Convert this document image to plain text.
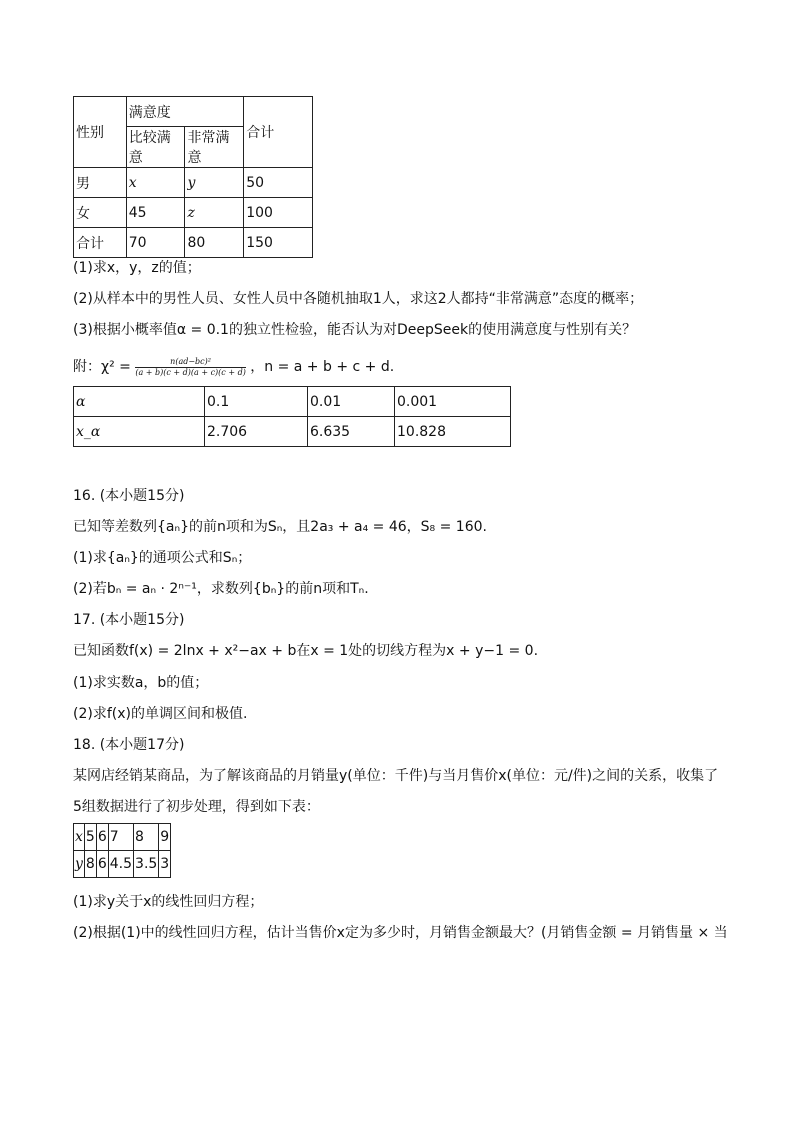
性别	满意度		合计
	比较满意	非常满意	
男	x	y	50
女	45	z	100
合计	70	80	150
(1)求x，y，z的值；
(2)从样本中的男性人员、女性人员中各随机抽取1人，求这2人都持“非常满意”态度的概率；
(3)根据小概率值α = 0.1的独立性检验，能否认为对DeepSeek的使用满意度与性别有关？
附：$\chi^2 = \frac{\text{n(ad−bc)²}}{(a + b)(c + d)(a + c)(c + d)}$ ，n = a + b + c + d.
α	0.1	0.01	0.001
x_α	2.706	6.635	10.828
16. (本小题15分)
已知等差数列{aₙ}的前n项和为Sₙ，且2a₃ + a₄ = 46，S₈ = 160.
(1)求{aₙ}的通项公式和Sₙ；
(2)若bₙ = aₙ · 2ⁿ⁻¹，求数列{bₙ}的前n项和Tₙ.
17. (本小题15分)
已知函数f(x) = 2lnx + x²−ax + b在x = 1处的切线方程为x + y−1 = 0.
(1)求实数a，b的值；
(2)求f(x)的单调区间和极值.
18. (本小题17分)
某网店经销某商品，为了解该商品的月销量y(单位：千件)与当月售价x(单位：元/件)之间的关系，收集了
5组数据进行了初步处理，得到如下表：
x	5	6	7	8	9
y	8	6	4.5	3.5	3
(1)求y关于x的线性回归方程；
(2)根据(1)中的线性回归方程，估计当售价x定为多少时，月销售金额最大？(月销售金额 = 月销售量 × 当
